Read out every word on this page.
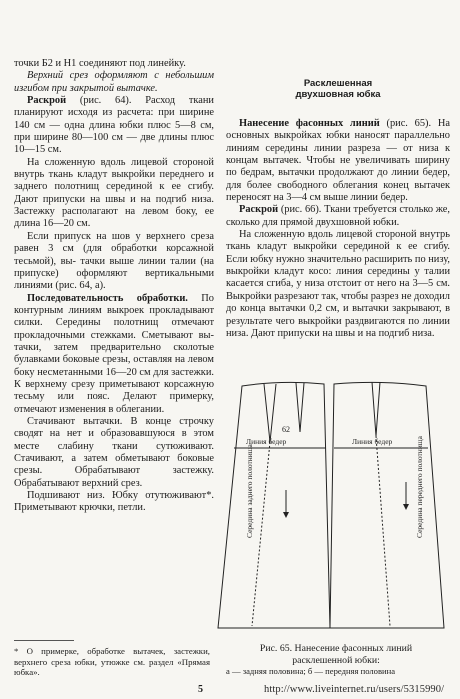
точки Б2 и Н1 соединяют под линейку.

Верхний срез оформляют с небольшим изгибом при закрытой вытачке.

Раскрой (рис. 64). Расход ткани планируют исходя из расчета: при ширине 140 см — одна длина юбки плюс 5—8 см, при ширине 80—100 см — две длины плюс 10—15 см.

На сложенную вдоль лицевой стороной внутрь ткань кладут выкройки переднего и заднего полотнищ серединой к ее сгибу. Дают припуски на швы и на подгиб низа. Застежку располагают на левом боку, ее длина 16—20 см.

Если припуск на шов у верхнего среза равен 3 см (для обработки корсажной тесьмой), вы- тачки выше линии талии (на припуске) оформляют вертикальными линиями (рис. 64, а).

Последовательность обработки. По контурным линиям выкроек прокладывают силки. Середины полотнищ отмечают прокладочными стежками. Сметывают вы- тачки, затем предварительно сколотые булавками боковые срезы, оставляя на левом боку несметанными 16—20 см для застежки. К верхнему срезу приметывают корсажную тесьму или пояс. Делают примерку, отмечают изменения в облегании.

Стачивают вытачки. В конце строчку сводят на нет и образовавшуюся в этом месте слабину ткани сутюживают. Стачивают, а затем обметывают боковые срезы. Обрабатывают застежку. Обрабатывают верхний срез.

Подшивают низ. Юбку отутюживают*. Приметывают крючки, петли.

Расклешенная
двухшовная юбка

Нанесение фасонных линий (рис. 65). На основных выкройках юбки наносят параллельно линиям середины линии разреза — от низа к концам вытачек. Чтобы не увеличивать ширину по бедрам, вытачки продолжают до линии бедер, для более свободного облегания конец вытачек переносят на 3—4 см выше линии бедер.

Раскрой (рис. 66). Ткани требуется столько же, сколько для прямой двухшовной юбки.

На сложенную вдоль лицевой стороной внутрь ткань кладут выкройки серединой к ее сгибу. Если юбку нужно значительно расширить по низу, выкройки кладут косо: линия середины у талии касается сгиба, у низа отстоит от него на 3—5 см. Выкройки разрезают так, чтобы разрез не доходил до конца вытачки 0,2 см, и вытачки закрывают, в результате чего выкройки раздвигаются по линии низа. Дают припуски на швы и на подгиб низа.

62
Линия бедер	Линия бедер
Середина заднего полотнища	Середина переднего полотнища
Рис. 65. Нанесение фасонных линий
расклешенной юбки:
а — задняя половина; б — передняя половина
* О примерке, обработке вытачек, застежки, верхнего среза юбки, утюжке см. раздел «Прямая юбка».
5	http://www.liveinternet.ru/users/5315990/
